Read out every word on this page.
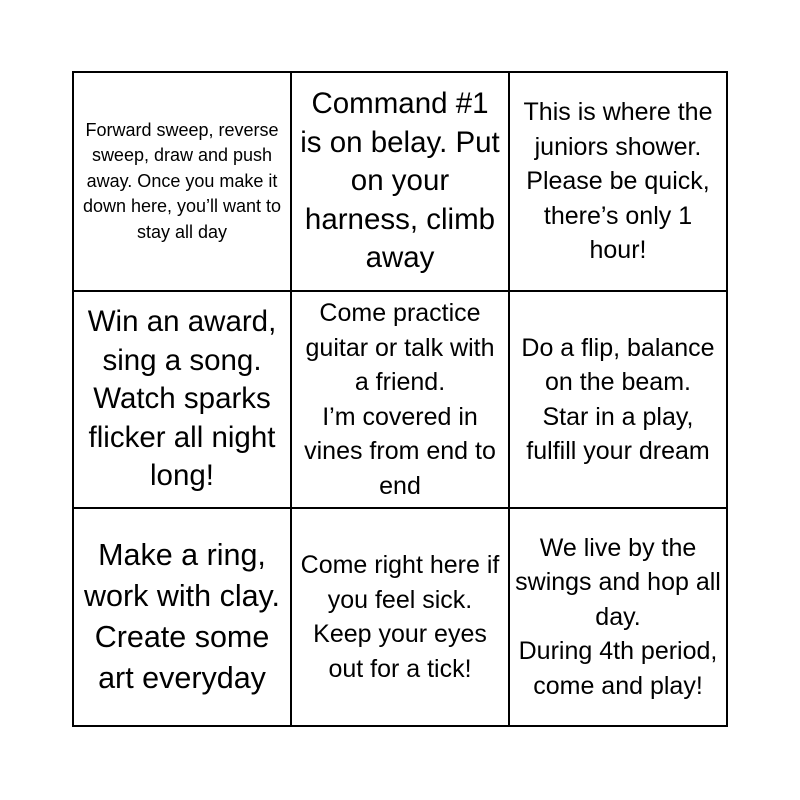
Forward sweep, reverse sweep, draw and push away. Once you make it down here, you’ll want to stay all day
Command #1 is on belay. Put on your harness, climb away
This is where the juniors shower.
Please be quick, there’s only 1 hour!
Win an award, sing a song. Watch sparks flicker all night long!
Come practice guitar or talk with a friend.
I’m covered in vines from end to end
Do a flip, balance on the beam.
Star in a play, fulfill your dream
Make a ring, work with clay. Create some art everyday
Come right here if you feel sick.
Keep your eyes out for a tick!
We live by the swings and hop all day.
During 4th period, come and play!
